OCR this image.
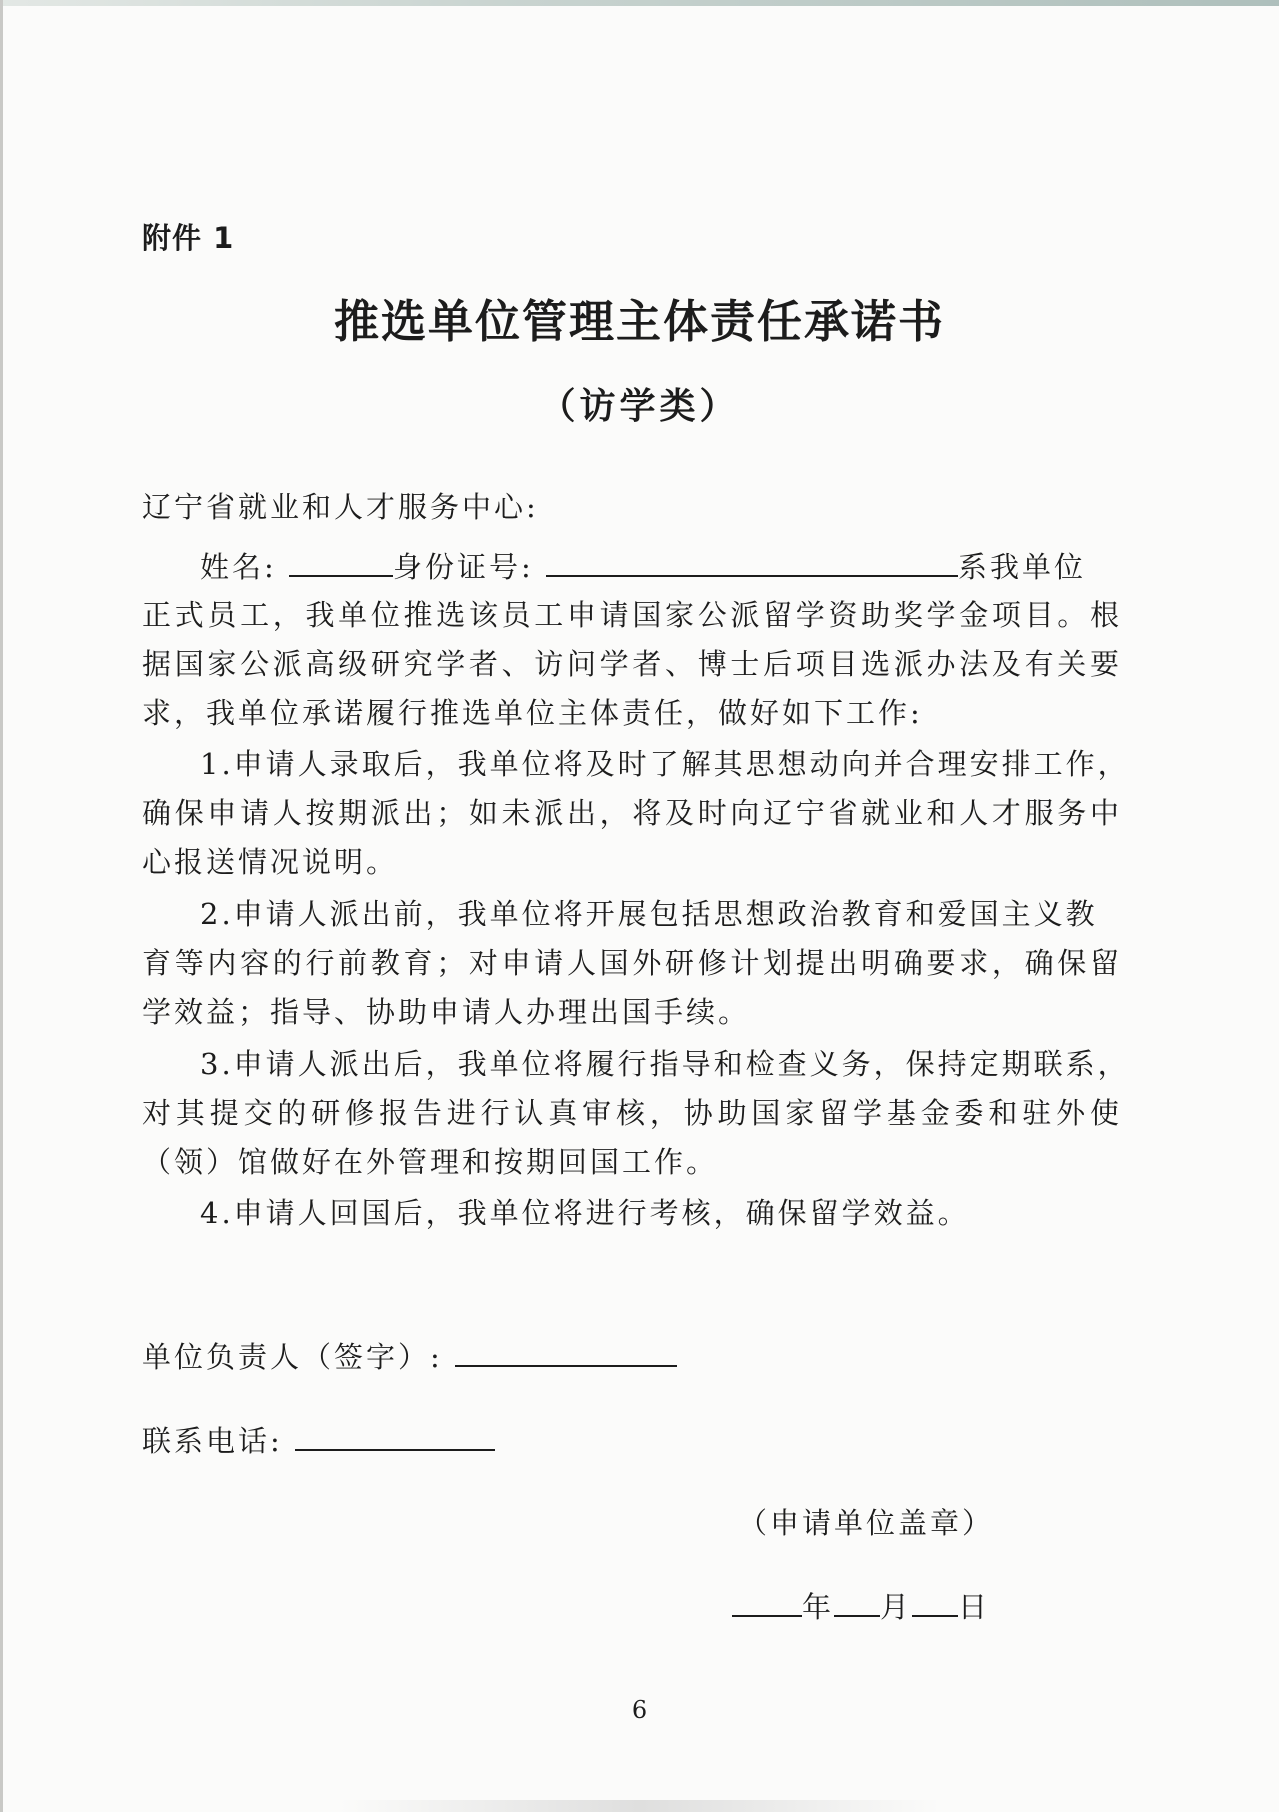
附件 1
推选单位管理主体责任承诺书
（访学类）
辽宁省就业和人才服务中心:
姓名:	身份证号:	系我单位
正式员工，我单位推选该员工申请国家公派留学资助奖学金项目。根
据国家公派高级研究学者、访问学者、博士后项目选派办法及有关要
求，我单位承诺履行推选单位主体责任，做好如下工作:
1.申请人录取后，我单位将及时了解其思想动向并合理安排工作，
确保申请人按期派出；如未派出，将及时向辽宁省就业和人才服务中
心报送情况说明。
2.申请人派出前，我单位将开展包括思想政治教育和爱国主义教
育等内容的行前教育；对申请人国外研修计划提出明确要求，确保留
学效益；指导、协助申请人办理出国手续。
3.申请人派出后，我单位将履行指导和检查义务，保持定期联系，
对其提交的研修报告进行认真审核，协助国家留学基金委和驻外使
（领）馆做好在外管理和按期回国工作。
4.申请人回国后，我单位将进行考核，确保留学效益。
单位负责人（签字）:
联系电话:
（申请单位盖章）
年 月 日
6
